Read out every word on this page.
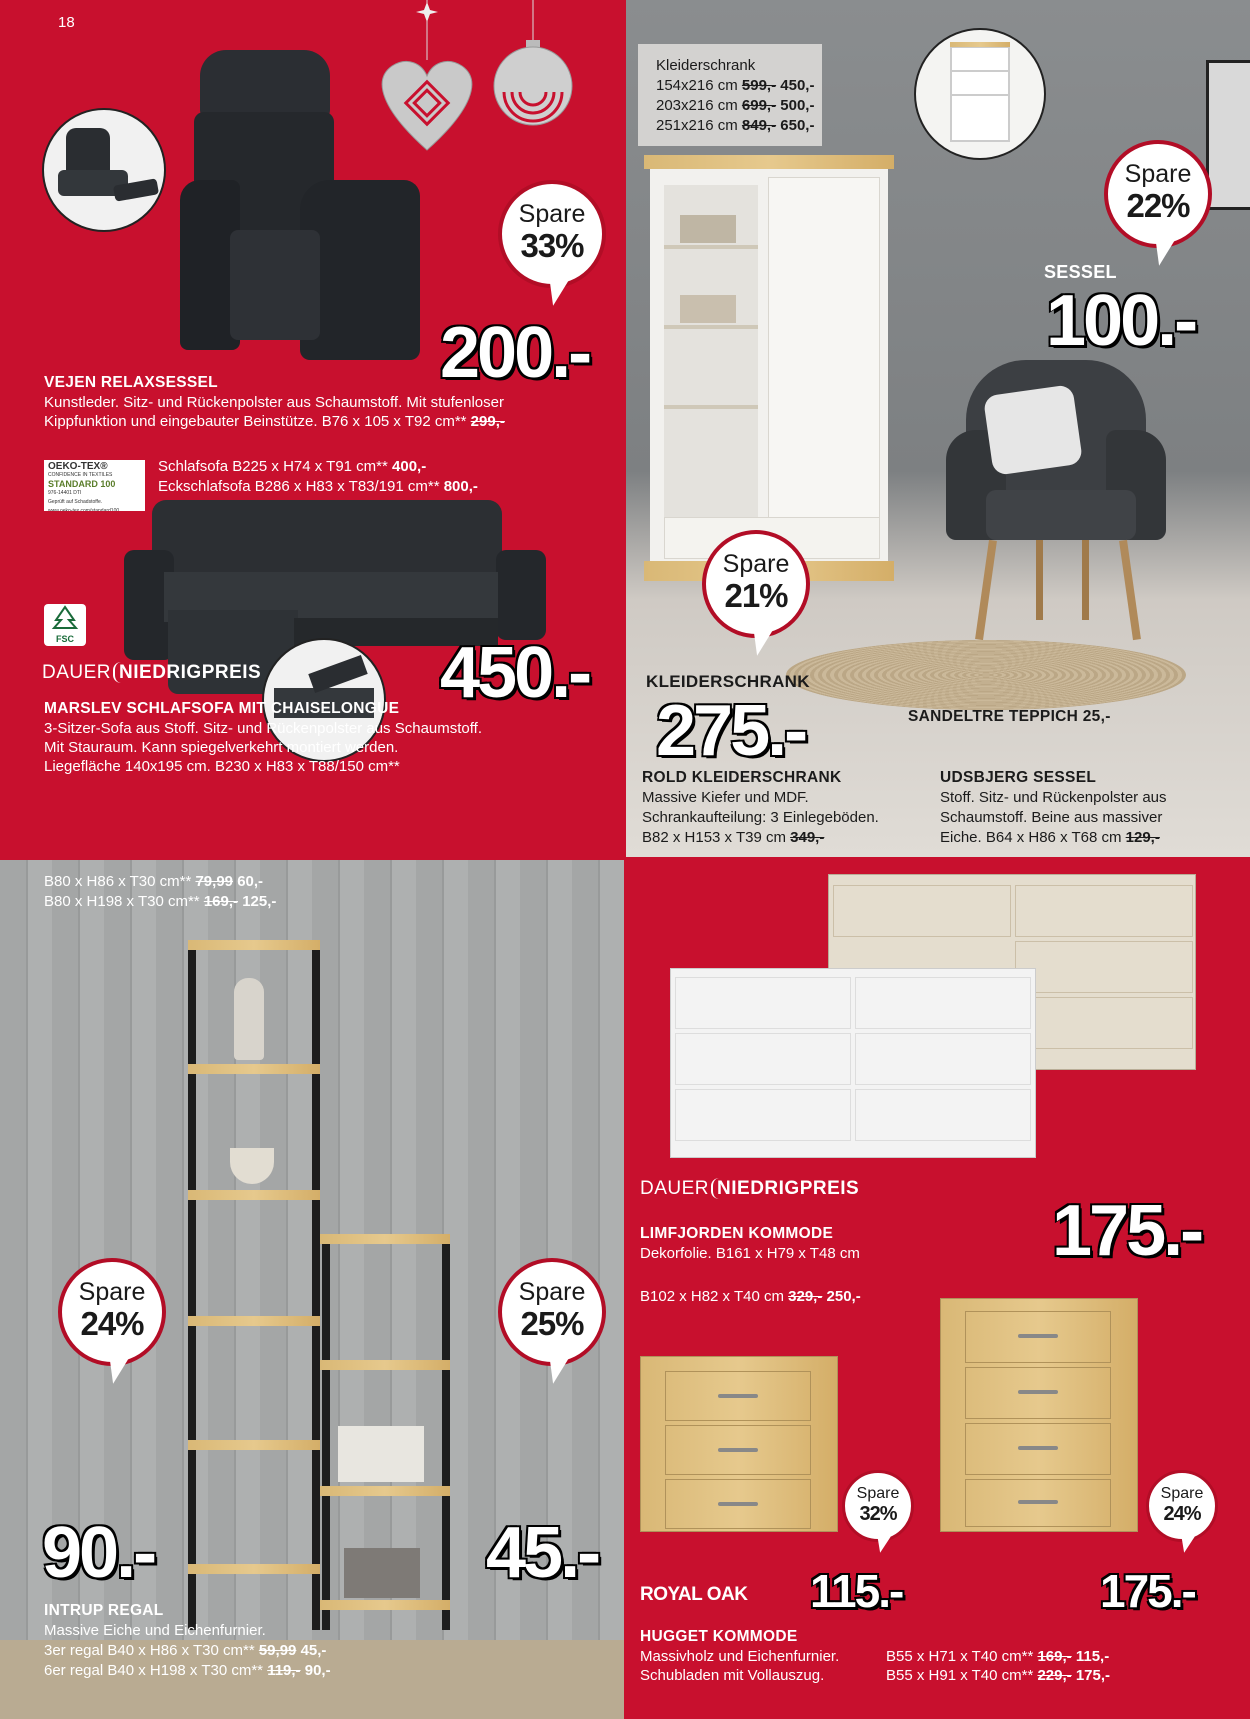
18
Spare
33%
200.-
VEJEN RELAXSESSEL
Kunstleder. Sitz- und Rückenpolster aus Schaumstoff. Mit stufenloser
Kippfunktion und eingebauter Beinstütze. B76 x 105 x T92 cm** 299,-
OEKO-TEX®
CONFIDENCE IN TEXTILES
STANDARD 100
976-14401 DTI
Geprüft auf Schadstoffe.
www.oeko-tex.com/standard100
Schlafsofa B225 x H74 x T91 cm** 400,-
Eckschlafsofa B286 x H83 x T83/191 cm** 800,-
FSC
DAUER NIEDRIGPREIS 450.-
MARSLEV SCHLAFSOFA MIT CHAISELONGUE
3-Sitzer-Sofa aus Stoff. Sitz- und Rückenpolster aus Schaumstoff.
Mit Stauraum. Kann spiegelverkehrt montiert werden.
Liegefläche 140x195 cm. B230 x H83 x T88/150 cm**
Kleiderschrank
154x216 cm 599,- 450,-
203x216 cm 699,- 500,-
251x216 cm 849,- 650,-
Spare
22%
SESSEL
100.-
Spare
21%
KLEIDERSCHRANK
275.-	SANDELTRE TEPPICH 25,-
ROLD KLEIDERSCHRANK
Massive Kiefer und MDF.
Schrankaufteilung: 3 Einlegeböden.
B82 x H153 x T39 cm 349,-
UDSBJERG SESSEL
Stoff. Sitz- und Rückenpolster aus
Schaumstoff. Beine aus massiver
Eiche. B64 x H86 x T68 cm 129,-
B80 x H86 x T30 cm** 79,99 60,-
B80 x H198 x T30 cm** 169,- 125,-
Spare
24%
Spare
25%
90.-	45.-
INTRUP REGAL
Massive Eiche und Eichenfurnier.
3er regal B40 x H86 x T30 cm** 59,99 45,-
6er regal B40 x H198 x T30 cm** 119,- 90,-
DAUER NIEDRIGPREIS
LIMFJORDEN KOMMODE
Dekorfolie. B161 x H79 x T48 cm	175.-
B102 x H82 x T40 cm 329,- 250,-
Spare
32%
Spare
24%
ROYAL OAK 115.-	175.-
HUGGET KOMMODE
Massivholz und Eichenfurnier.
Schubladen mit Vollauszug.
B55 x H71 x T40 cm** 169,- 115,-
B55 x H91 x T40 cm** 229,- 175,-
